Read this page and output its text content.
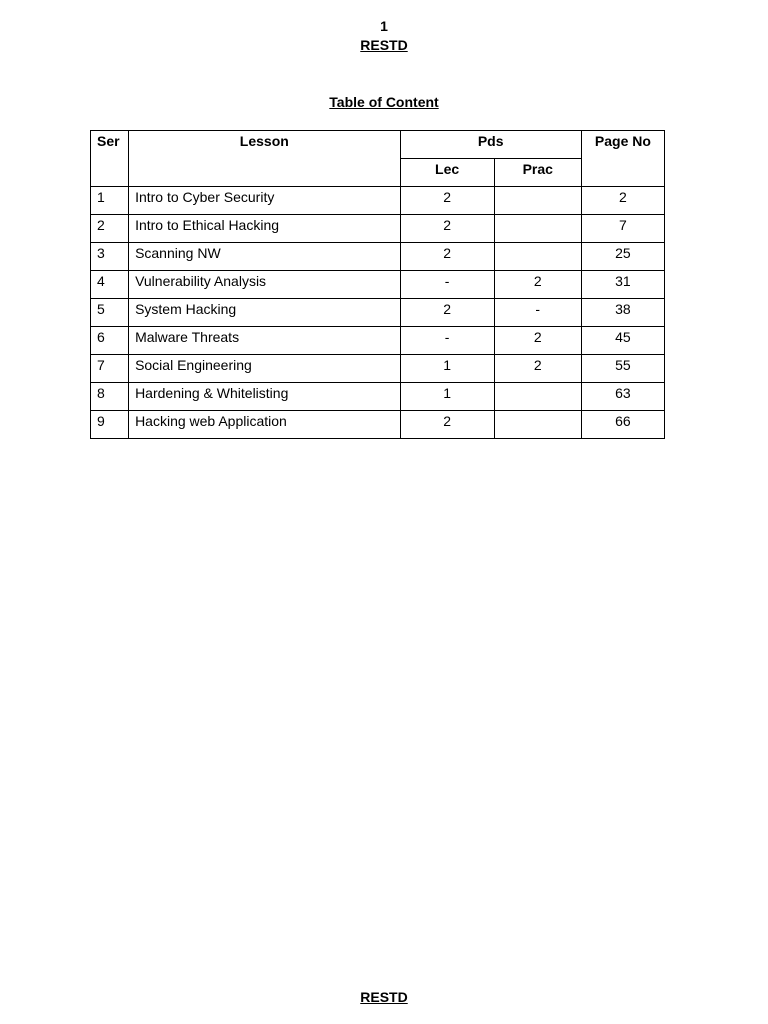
1
RESTD
Table of Content
Ser	Lesson	Pds		Page No
		Lec	Prac	
1	Intro to Cyber Security	2		2
2	Intro to Ethical Hacking	2		7
3	Scanning NW	2		25
4	Vulnerability Analysis	-	2	31
5	System Hacking	2	-	38
6	Malware Threats	-	2	45
7	Social Engineering	1	2	55
8	Hardening & Whitelisting	1		63
9	Hacking web Application	2		66
RESTD
